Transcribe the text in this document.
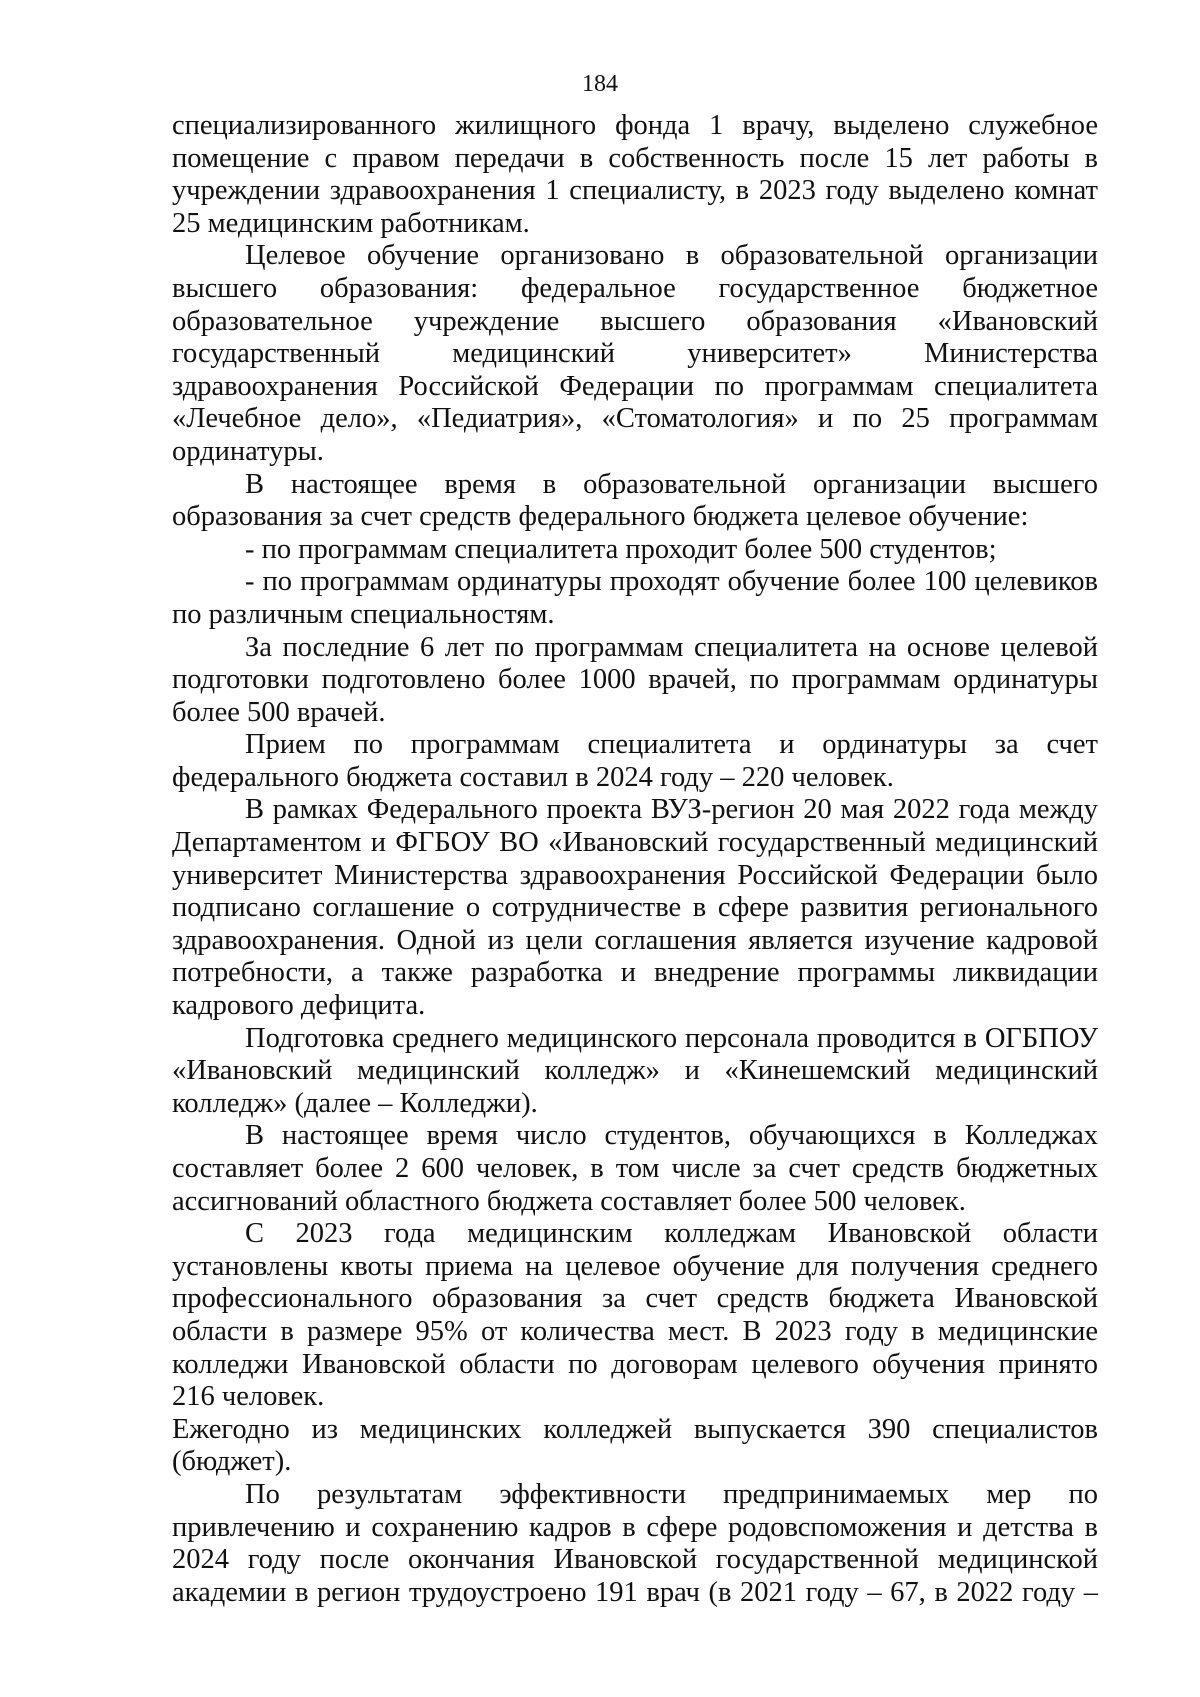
184

специализированного жилищного фонда 1 врачу, выделено служебное помещение с правом передачи в собственность после 15 лет работы в учреждении здравоохранения 1 специалисту, в 2023 году выделено комнат 25 медицинским работникам.

Целевое обучение организовано в образовательной организации высшего образования: федеральное государственное бюджетное образовательное учреждение высшего образования «Ивановский государственный медицинский университет» Министерства здравоохранения Российской Федерации по программам специалитета «Лечебное дело», «Педиатрия», «Стоматология» и по 25 программам ординатуры.

В настоящее время в образовательной организации высшего образования за счет средств федерального бюджета целевое обучение:

- по программам специалитета проходит более 500 студентов;

- по программам ординатуры проходят обучение более 100 целевиков по различным специальностям.

За последние 6 лет по программам специалитета на основе целевой подготовки подготовлено более 1000 врачей, по программам ординатуры более 500 врачей.

Прием по программам специалитета и ординатуры за счет федерального бюджета составил в 2024 году – 220 человек.

В рамках Федерального проекта ВУЗ-регион 20 мая 2022 года между Департаментом и ФГБОУ ВО «Ивановский государственный медицинский университет Министерства здравоохранения Российской Федерации было подписано соглашение о сотрудничестве в сфере развития регионального здравоохранения. Одной из цели соглашения является изучение кадровой потребности, а также разработка и внедрение программы ликвидации кадрового дефицита.

Подготовка среднего медицинского персонала проводится в ОГБПОУ «Ивановский медицинский колледж» и «Кинешемский медицинский колледж» (далее – Колледжи).

В настоящее время число студентов, обучающихся в Колледжах составляет более 2 600 человек, в том числе за счет средств бюджетных ассигнований областного бюджета составляет более 500 человек.

С 2023 года медицинским колледжам Ивановской области установлены квоты приема на целевое обучение для получения среднего профессионального образования за счет средств бюджета Ивановской области в размере 95% от количества мест. В 2023 году в медицинские колледжи Ивановской области по договорам целевого обучения принято 216 человек.

Ежегодно из медицинских колледжей выпускается 390 специалистов (бюджет).

По результатам эффективности предпринимаемых мер по привлечению и сохранению кадров в сфере родовспоможения и детства в 2024 году после окончания Ивановской государственной медицинской академии в регион трудоустроено 191 врач (в 2021 году – 67, в 2022 году –
